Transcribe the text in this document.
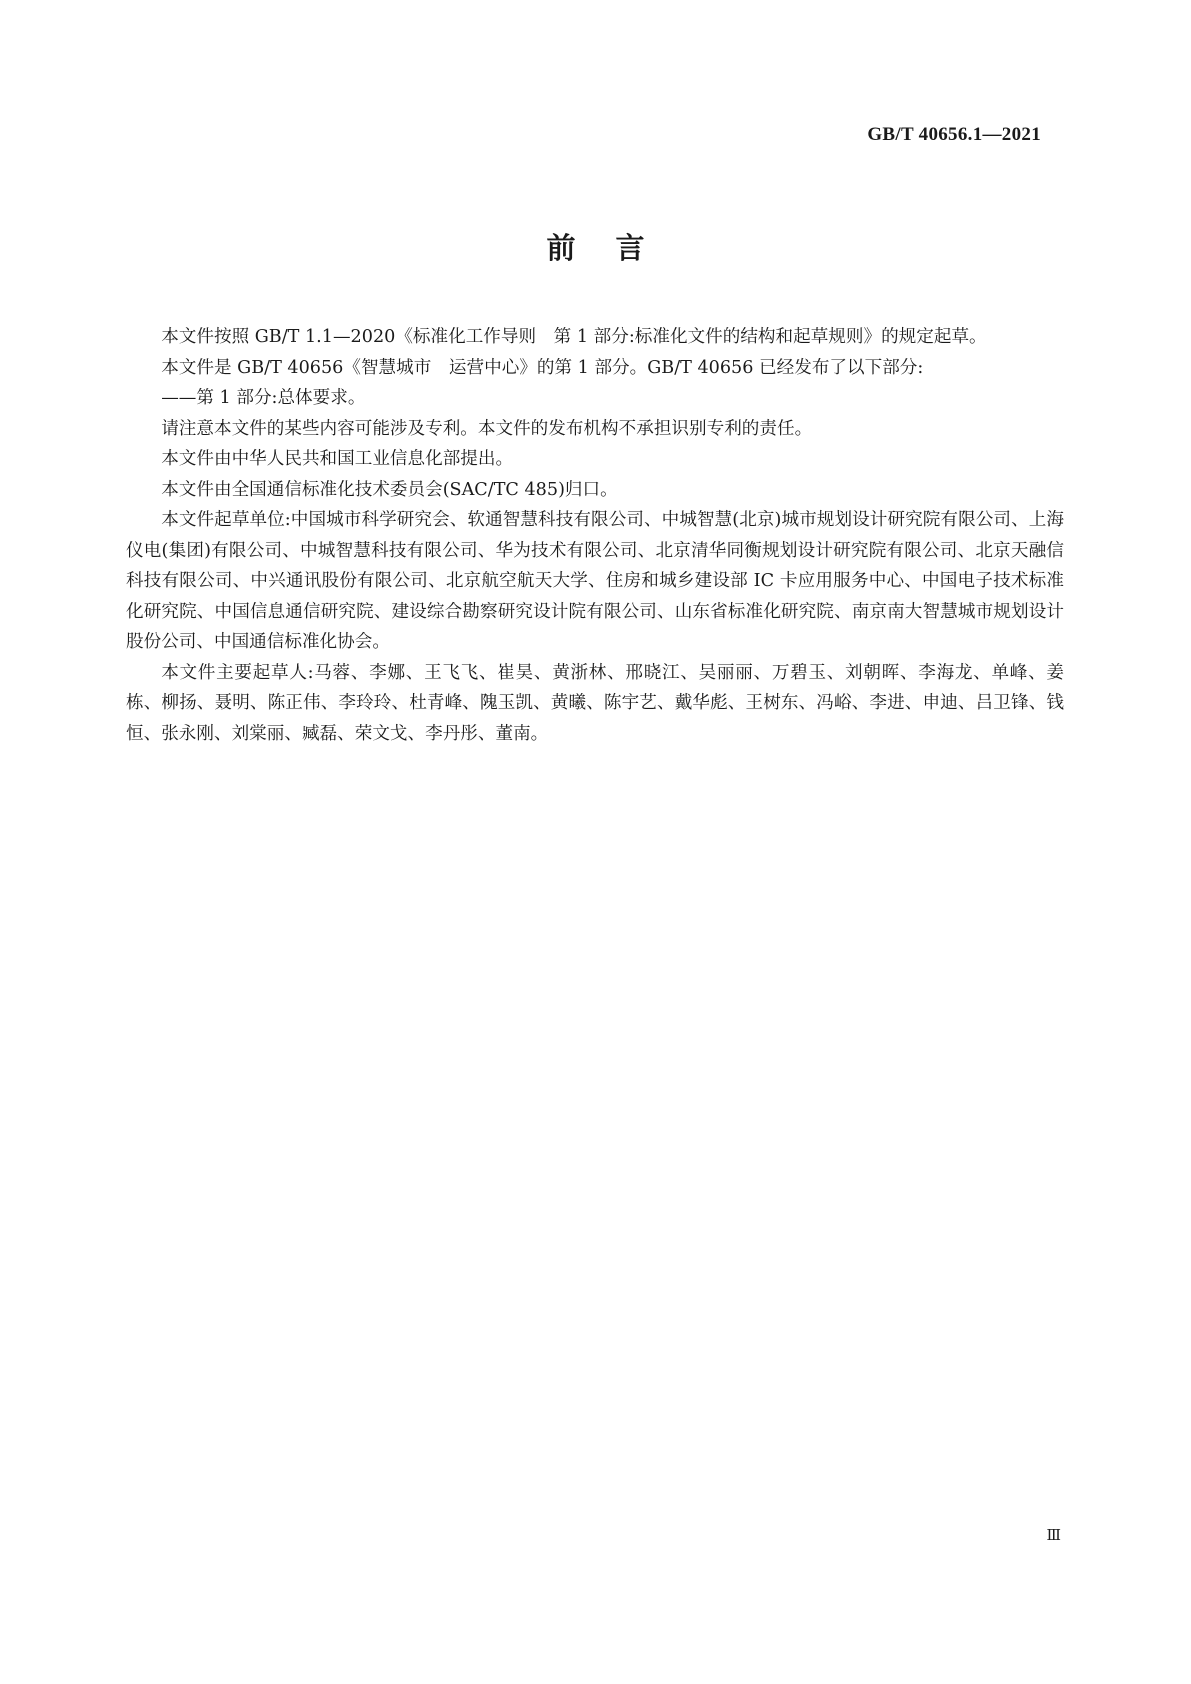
GB/T 40656.1—2021
前言

本文件按照 GB/T 1.1—2020《标准化工作导则　第 1 部分:标准化文件的结构和起草规则》的规定起草。

本文件是 GB/T 40656《智慧城市　运营中心》的第 1 部分。GB/T 40656 已经发布了以下部分:

——第 1 部分:总体要求。

请注意本文件的某些内容可能涉及专利。本文件的发布机构不承担识别专利的责任。

本文件由中华人民共和国工业信息化部提出。

本文件由全国通信标准化技术委员会(SAC/TC 485)归口。

本文件起草单位:中国城市科学研究会、软通智慧科技有限公司、中城智慧(北京)城市规划设计研究院有限公司、上海仪电(集团)有限公司、中城智慧科技有限公司、华为技术有限公司、北京清华同衡规划设计研究院有限公司、北京天融信科技有限公司、中兴通讯股份有限公司、北京航空航天大学、住房和城乡建设部 IC 卡应用服务中心、中国电子技术标准化研究院、中国信息通信研究院、建设综合勘察研究设计院有限公司、山东省标准化研究院、南京南大智慧城市规划设计股份公司、中国通信标准化协会。

本文件主要起草人:马蓉、李娜、王飞飞、崔昊、黄浙林、邢晓江、吴丽丽、万碧玉、刘朝晖、李海龙、单峰、姜栋、柳扬、聂明、陈正伟、李玲玲、杜青峰、隗玉凯、黄曦、陈宇艺、戴华彪、王树东、冯峪、李进、申迪、吕卫锋、钱恒、张永刚、刘棠丽、臧磊、荣文戈、李丹彤、董南。

Ⅲ
